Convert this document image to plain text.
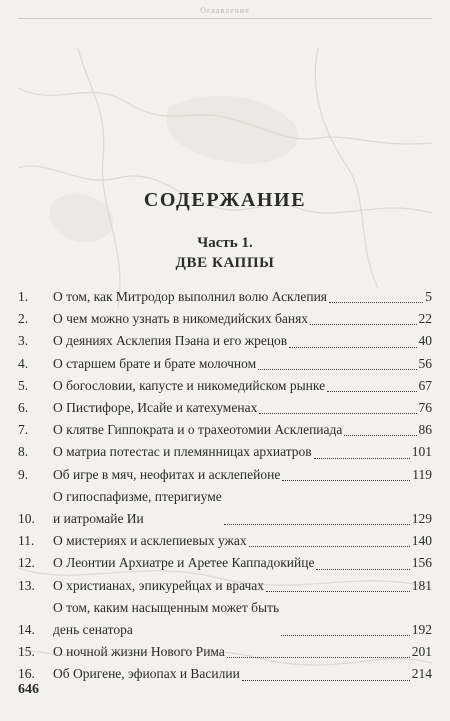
Оглавление
СОДЕРЖАНИЕ
Часть 1.
ДВЕ КАППЫ
1.	О том, как Митродор выполнил волю Асклепия	5
2.	О чем можно узнать в никомедийских банях	22
3.	О деяниях Асклепия Пэана и его жрецов	40
4.	О старшем брате и брате молочном	56
5.	О богословии, капусте и никомедийском рынке	67
6.	О Пистифоре, Исайе и катехуменах	76
7.	О клятве Гиппократа и о трахеотомии Асклепиада	86
8.	О матриа потестас и племянницах архиатров	101
9.	Об игре в мяч, неофитах и асклепейоне	119
10.
О гипоспафизме, птеригиуме
и иатромайе Ии	129
11.	О мистериях и асклепиевых ужах	140
12.	О Леонтии Архиатре и Аретее Каппадокийце	156
13.	О христианах, эпикурейцах и врачах	181
14.
О том, каким насыщенным может быть
день сенатора	192
15.	О ночной жизни Нового Рима	201
16.	Об Оригене, эфиопах и Василии	214
646
